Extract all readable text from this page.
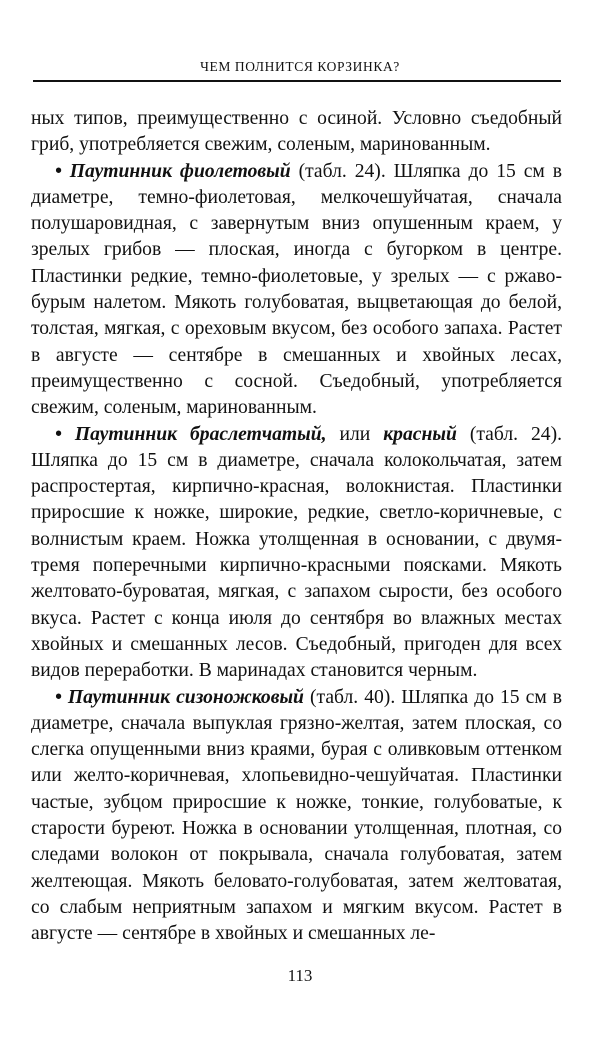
ЧЕМ ПОЛНИТСЯ КОРЗИНКА?

ных типов, преимущественно с осиной. Условно съедобный гриб, употребляется свежим, соленым, маринованным.

• Паутинник фиолетовый (табл. 24). Шляпка до 15 см в диаметре, темно-фиолетовая, мелкочешуйчатая, сначала полушаровидная, с завернутым вниз опушенным краем, у зрелых грибов — плоская, иногда с бугорком в центре. Пластинки редкие, темно-фиолетовые, у зрелых — с ржаво-бурым налетом. Мякоть голубоватая, выцветающая до белой, толстая, мягкая, с ореховым вкусом, без особого запаха. Растет в августе — сентябре в смешанных и хвойных лесах, преимущественно с сосной. Съедобный, употребляется свежим, соленым, маринованным.

• Паутинник браслетчатый, или красный (табл. 24). Шляпка до 15 см в диаметре, сначала колокольчатая, затем распростертая, кирпично-красная, волокнистая. Пластинки приросшие к ножке, широкие, редкие, светло-коричневые, с волнистым краем. Ножка утолщенная в основании, с двумя-тремя поперечными кирпично-красными поясками. Мякоть желтовато-буроватая, мягкая, с запахом сырости, без особого вкуса. Растет с конца июля до сентября во влажных местах хвойных и смешанных лесов. Съедобный, пригоден для всех видов переработки. В маринадах становится черным.

• Паутинник сизоножковый (табл. 40). Шляпка до 15 см в диаметре, сначала выпуклая грязно-желтая, затем плоская, со слегка опущенными вниз краями, бурая с оливковым оттенком или желто-коричневая, хлопьевидно-чешуйчатая. Пластинки частые, зубцом приросшие к ножке, тонкие, голубоватые, к старости буреют. Ножка в основании утолщенная, плотная, со следами волокон от покрывала, сначала голубоватая, затем желтеющая. Мякоть беловато-голубоватая, затем желтоватая, со слабым неприятным запахом и мягким вкусом. Растет в августе — сентябре в хвойных и смешанных ле-

113
